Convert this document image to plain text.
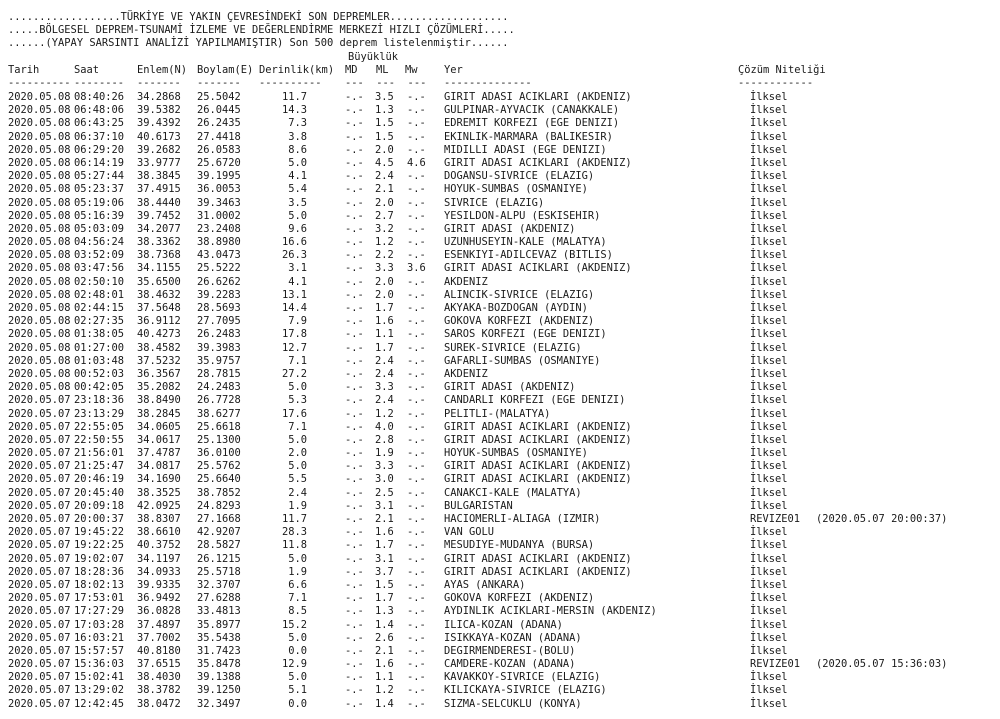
..................TÜRKİYE VE YAKIN ÇEVRESİNDEKİ SON DEPREMLER...................

.....BÖLGESEL DEPREM-TSUNAMİ İZLEME VE DEĞERLENDİRME MERKEZİ HIZLI ÇÖZÜMLERİ.....

......(YAPAY SARSINTI ANALİZİ YAPILMAMIŞTIR) Son 500 deprem listelenmiştir......

Büyüklük
Tarih	Saat	Enlem(N) Boylam(E) Derinlik(km) MD ML Mw	Yer	Çözüm Niteliği
---------- -------- ------- ------- ---------- ---  ---  --- --------------	------------
2020.05.08 08:40:26 34.2868 25.5042	11.7	-.- 3.5 -.- GIRIT ADASI ACIKLARI (AKDENIZ)	İlksel
2020.05.08 06:48:06 39.5382 26.0445	14.3	-.- 1.3 -.- GULPINAR-AYVACIK (CANAKKALE)	İlksel
2020.05.08 06:43:25 39.4392 26.2435	7.3	-.- 1.5 -.- EDREMIT KORFEZI (EGE DENIZI)	İlksel
2020.05.08 06:37:10 40.6173 27.4418	3.8	-.- 1.5 -.- EKINLIK-MARMARA (BALIKESIR)	İlksel
2020.05.08 06:29:20 39.2682 26.0583	8.6	-.- 2.0 -.- MIDILLI ADASI (EGE DENIZI)	İlksel
2020.05.08 06:14:19 33.9777 25.6720	5.0	-.- 4.5 4.6 GIRIT ADASI ACIKLARI (AKDENIZ)	İlksel
2020.05.08 05:27:44 38.3845 39.1995	4.1	-.- 2.4 -.- DOGANSU-SIVRICE (ELAZIG)	İlksel
2020.05.08 05:23:37 37.4915 36.0053	5.4	-.- 2.1 -.- HOYUK-SUMBAS (OSMANIYE)	İlksel
2020.05.08 05:19:06 38.4440 39.3463	3.5	-.- 2.0 -.- SIVRICE (ELAZIG)	İlksel
2020.05.08 05:16:39 39.7452 31.0002	5.0	-.- 2.7 -.- YESILDON-ALPU (ESKISEHIR)	İlksel
2020.05.08 05:03:09 34.2077 23.2408	9.6	-.- 3.2 -.- GIRIT ADASI (AKDENIZ)	İlksel
2020.05.08 04:56:24 38.3362 38.8980	16.6	-.- 1.2 -.- UZUNHUSEYIN-KALE (MALATYA)	İlksel
2020.05.08 03:52:09 38.7368 43.0473	26.3	-.- 2.2 -.- ESENKIYI-ADILCEVAZ (BITLIS)	İlksel
2020.05.08 03:47:56 34.1155 25.5222	3.1	-.- 3.3 3.6 GIRIT ADASI ACIKLARI (AKDENIZ)	İlksel
2020.05.08 02:50:10 35.6500 26.6262	4.1	-.- 2.0 -.- AKDENIZ	İlksel
2020.05.08 02:48:01 38.4632 39.2283	13.1	-.- 2.0 -.- ALINCIK-SIVRICE (ELAZIG)	İlksel
2020.05.08 02:44:15 37.5648 28.5693	14.4	-.- 1.7 -.- AKYAKA-BOZDOGAN (AYDIN)	İlksel
2020.05.08 02:27:35 36.9112 27.7095	7.9	-.- 1.6 -.- GOKOVA KORFEZI (AKDENIZ)	İlksel
2020.05.08 01:38:05 40.4273 26.2483	17.8	-.- 1.1 -.- SAROS KORFEZI (EGE DENIZI)	İlksel
2020.05.08 01:27:00 38.4582 39.3983	12.7	-.- 1.7 -.- SUREK-SIVRICE (ELAZIG)	İlksel
2020.05.08 01:03:48 37.5232 35.9757	7.1	-.- 2.4 -.- GAFARLI-SUMBAS (OSMANIYE)	İlksel
2020.05.08 00:52:03 36.3567 28.7815	27.2	-.- 2.4 -.- AKDENIZ	İlksel
2020.05.08 00:42:05 35.2082 24.2483	5.0	-.- 3.3 -.- GIRIT ADASI (AKDENIZ)	İlksel
2020.05.07 23:18:36 38.8490 26.7728	5.3	-.- 2.4 -.- CANDARLI KORFEZI (EGE DENIZI)	İlksel
2020.05.07 23:13:29 38.2845 38.6277	17.6	-.- 1.2 -.- PELITLI-(MALATYA)	İlksel
2020.05.07 22:55:05 34.0605 25.6618	7.1	-.- 4.0 -.- GIRIT ADASI ACIKLARI (AKDENIZ)	İlksel
2020.05.07 22:50:55 34.0617 25.1300	5.0	-.- 2.8 -.- GIRIT ADASI ACIKLARI (AKDENIZ)	İlksel
2020.05.07 21:56:01 37.4787 36.0100	2.0	-.- 1.9 -.- HOYUK-SUMBAS (OSMANIYE)	İlksel
2020.05.07 21:25:47 34.0817 25.5762	5.0	-.- 3.3 -.- GIRIT ADASI ACIKLARI (AKDENIZ)	İlksel
2020.05.07 20:46:19 34.1690 25.6640	5.5	-.- 3.0 -.- GIRIT ADASI ACIKLARI (AKDENIZ)	İlksel
2020.05.07 20:45:40 38.3525 38.7852	2.4	-.- 2.5 -.- CANAKCI-KALE (MALATYA)	İlksel
2020.05.07 20:09:18 42.0925 24.8293	1.9	-.- 3.1 -.- BULGARISTAN	İlksel
2020.05.07 20:00:37 38.8307 27.1668	11.7	-.- 2.1 -.- HACIOMERLI-ALIAGA (IZMIR)	REVIZE01 (2020.05.07 20:00:37)
2020.05.07 19:45:22 38.6610 42.9207	28.3	-.- 1.6 -.- VAN GOLU	İlksel
2020.05.07 19:22:25 40.3752 28.5827	11.8	-.- 1.7 -.- MESUDIYE-MUDANYA (BURSA)	İlksel
2020.05.07 19:02:07 34.1197 26.1215	5.0	-.- 3.1 -.- GIRIT ADASI ACIKLARI (AKDENIZ)	İlksel
2020.05.07 18:28:36 34.0933 25.5718	1.9	-.- 3.7 -.- GIRIT ADASI ACIKLARI (AKDENIZ)	İlksel
2020.05.07 18:02:13 39.9335 32.3707	6.6	-.- 1.5 -.- AYAS (ANKARA)	İlksel
2020.05.07 17:53:01 36.9492 27.6288	7.1	-.- 1.7 -.- GOKOVA KORFEZI (AKDENIZ)	İlksel
2020.05.07 17:27:29 36.0828 33.4813	8.5	-.- 1.3 -.- AYDINLIK ACIKLARI-MERSIN (AKDENIZ)	İlksel
2020.05.07 17:03:28 37.4897 35.8977	15.2	-.- 1.4 -.- ILICA-KOZAN (ADANA)	İlksel
2020.05.07 16:03:21 37.7002 35.5438	5.0	-.- 2.6 -.- ISIKKAYA-KOZAN (ADANA)	İlksel
2020.05.07 15:57:57 40.8180 31.7423	0.0	-.- 2.1 -.- DEGIRMENDERESI-(BOLU)	İlksel
2020.05.07 15:36:03 37.6515 35.8478	12.9	-.- 1.6 -.- CAMDERE-KOZAN (ADANA)	REVIZE01 (2020.05.07 15:36:03)
2020.05.07 15:02:41 38.4030 39.1388	5.0	-.- 1.1 -.- KAVAKKOY-SIVRICE (ELAZIG)	İlksel
2020.05.07 13:29:02 38.3782 39.1250	5.1	-.- 1.2 -.- KILICKAYA-SIVRICE (ELAZIG)	İlksel
2020.05.07 12:42:45 38.0472 32.3497	0.0	-.- 1.4 -.- SIZMA-SELCUKLU (KONYA)	İlksel
